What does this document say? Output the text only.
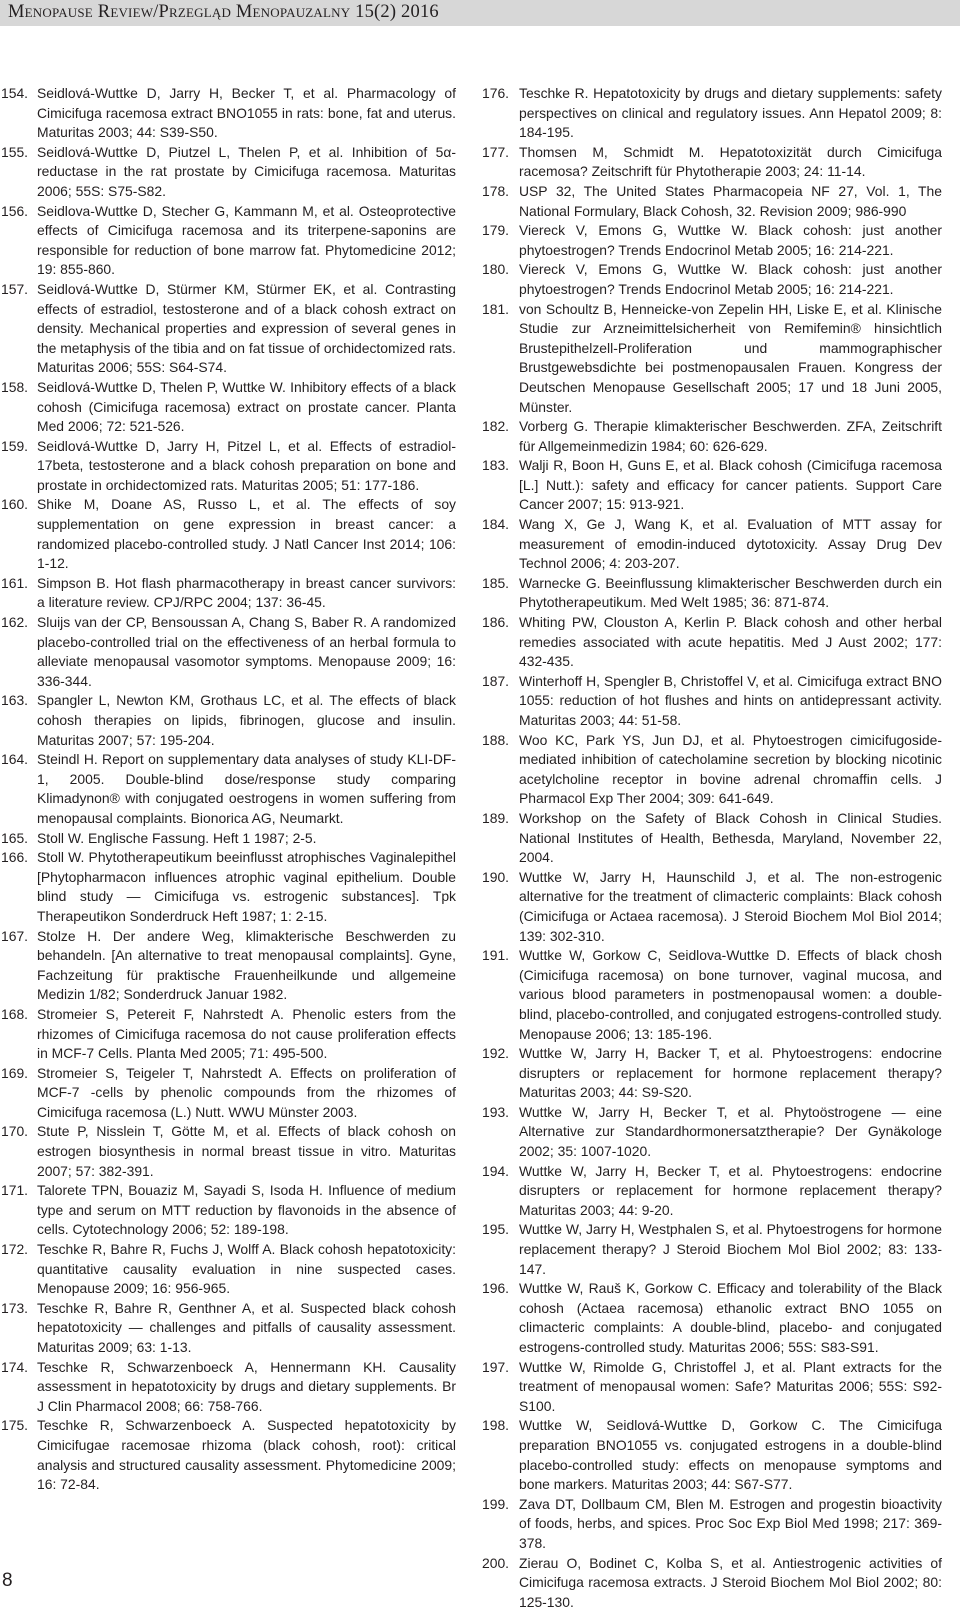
Menopause Review/Przegląd Menopauzalny 15(2) 2016
154. Seidlová-Wuttke D, Jarry H, Becker T, et al. Pharmacology of Cimicifuga racemosa extract BNO1055 in rats: bone, fat and uterus. Maturitas 2003; 44: S39-S50.
155. Seidlová-Wuttke D, Piutzel L, Thelen P, et al. Inhibition of 5α-reductase in the rat prostate by Cimicifuga racemosa. Maturitas 2006; 55S: S75-S82.
156. Seidlova-Wuttke D, Stecher G, Kammann M, et al. Osteoprotective effects of Cimicifuga racemosa and its triterpene-saponins are responsible for reduction of bone marrow fat. Phytomedicine 2012; 19: 855-860.
157. Seidlová-Wuttke D, Stürmer KM, Stürmer EK, et al. Contrasting effects of estradiol, testosterone and of a black cohosh extract on density. Mechanical properties and expression of several genes in the metaphysis of the tibia and on fat tissue of orchidectomized rats. Maturitas 2006; 55S: S64-S74.
158. Seidlová-Wuttke D, Thelen P, Wuttke W. Inhibitory effects of a black cohosh (Cimicifuga racemosa) extract on prostate cancer. Planta Med 2006; 72: 521-526.
159. Seidlová-Wuttke D, Jarry H, Pitzel L, et al. Effects of estradiol-17beta, testosterone and a black cohosh preparation on bone and prostate in orchidectomized rats. Maturitas 2005; 51: 177-186.
160. Shike M, Doane AS, Russo L, et al. The effects of soy supplementation on gene expression in breast cancer: a randomized placebo-controlled study. J Natl Cancer Inst 2014; 106: 1-12.
161. Simpson B. Hot flash pharmacotherapy in breast cancer survivors: a literature review. CPJ/RPC 2004; 137: 36-45.
162. Sluijs van der CP, Bensoussan A, Chang S, Baber R. A randomized placebo-controlled trial on the effectiveness of an herbal formula to alleviate menopausal vasomotor symptoms. Menopause 2009; 16: 336-344.
163. Spangler L, Newton KM, Grothaus LC, et al. The effects of black cohosh therapies on lipids, fibrinogen, glucose and insulin. Maturitas 2007; 57: 195-204.
164. Steindl H. Report on supplementary data analyses of study KLI-DF-1, 2005. Double-blind dose/response study comparing Klimadynon® with conjugated oestrogens in women suffering from menopausal complaints. Bionorica AG, Neumarkt.
165. Stoll W. Englische Fassung. Heft 1 1987; 2-5.
166. Stoll W. Phytotherapeutikum beeinflusst atrophisches Vaginalepithel [Phytopharmacon influences atrophic vaginal epithelium. Double blind study — Cimicifuga vs. estrogenic substances]. Tpk Therapeutikon Sonderdruck Heft 1987; 1: 2-15.
167. Stolze H. Der andere Weg, klimakterische Beschwerden zu behandeln. [An alternative to treat menopausal complaints]. Gyne, Fachzeitung für praktische Frauenheilkunde und allgemeine Medizin 1/82; Sonderdruck Januar 1982.
168. Stromeier S, Petereit F, Nahrstedt A. Phenolic esters from the rhizomes of Cimicifuga racemosa do not cause proliferation effects in MCF-7 Cells. Planta Med 2005; 71: 495-500.
169. Stromeier S, Teigeler T, Nahrstedt A. Effects on proliferation of MCF-7 -cells by phenolic compounds from the rhizomes of Cimicifuga racemosa (L.) Nutt. WWU Münster 2003.
170. Stute P, Nisslein T, Götte M, et al. Effects of black cohosh on estrogen biosynthesis in normal breast tissue in vitro. Maturitas 2007; 57: 382-391.
171. Talorete TPN, Bouaziz M, Sayadi S, Isoda H. Influence of medium type and serum on MTT reduction by flavonoids in the absence of cells. Cytotechnology 2006; 52: 189-198.
172. Teschke R, Bahre R, Fuchs J, Wolff A. Black cohosh hepatotoxicity: quantitative causality evaluation in nine suspected cases. Menopause 2009; 16: 956-965.
173. Teschke R, Bahre R, Genthner A, et al. Suspected black cohosh hepatotoxicity — challenges and pitfalls of causality assessment. Maturitas 2009; 63: 1-13.
174. Teschke R, Schwarzenboeck A, Hennermann KH. Causality assessment in hepatotoxicity by drugs and dietary supplements. Br J Clin Pharmacol 2008; 66: 758-766.
175. Teschke R, Schwarzenboeck A. Suspected hepatotoxicity by Cimicifugae racemosae rhizoma (black cohosh, root): critical analysis and structured causality assessment. Phytomedicine 2009; 16: 72-84.
176. Teschke R. Hepatotoxicity by drugs and dietary supplements: safety perspectives on clinical and regulatory issues. Ann Hepatol 2009; 8: 184-195.
177. Thomsen M, Schmidt M. Hepatotoxizität durch Cimicifuga racemosa? Zeitschrift für Phytotherapie 2003; 24: 11-14.
178. USP 32, The United States Pharmacopeia NF 27, Vol. 1, The National Formulary, Black Cohosh, 32. Revision 2009; 986-990
179. Viereck V, Emons G, Wuttke W. Black cohosh: just another phytoestrogen? Trends Endocrinol Metab 2005; 16: 214-221.
180. Viereck V, Emons G, Wuttke W. Black cohosh: just another phytoestrogen? Trends Endocrinol Metab 2005; 16: 214-221.
181. von Schoultz B, Henneicke-von Zepelin HH, Liske E, et al. Klinische Studie zur Arzneimittelsicherheit von Remifemin® hinsichtlich Brustepithelzell-Proliferation und mammographischer Brustgewebsdichte bei postmenopausalen Frauen. Kongress der Deutschen Menopause Gesellschaft 2005; 17 und 18 Juni 2005, Münster.
182. Vorberg G. Therapie klimakterischer Beschwerden. ZFA, Zeitschrift für Allgemeinmedizin 1984; 60: 626-629.
183. Walji R, Boon H, Guns E, et al. Black cohosh (Cimicifuga racemosa [L.] Nutt.): safety and efficacy for cancer patients. Support Care Cancer 2007; 15: 913-921.
184. Wang X, Ge J, Wang K, et al. Evaluation of MTT assay for measurement of emodin-induced dytotoxicity. Assay Drug Dev Technol 2006; 4: 203-207.
185. Warnecke G. Beeinflussung klimakterischer Beschwerden durch ein Phytotherapeutikum. Med Welt 1985; 36: 871-874.
186. Whiting PW, Clouston A, Kerlin P. Black cohosh and other herbal remedies associated with acute hepatitis. Med J Aust 2002; 177: 432-435.
187. Winterhoff H, Spengler B, Christoffel V, et al. Cimicifuga extract BNO 1055: reduction of hot flushes and hints on antidepressant activity. Maturitas 2003; 44: 51-58.
188. Woo KC, Park YS, Jun DJ, et al. Phytoestrogen cimicifugoside-mediated inhibition of catecholamine secretion by blocking nicotinic acetylcholine receptor in bovine adrenal chromaffin cells. J Pharmacol Exp Ther 2004; 309: 641-649.
189. Workshop on the Safety of Black Cohosh in Clinical Studies. National Institutes of Health, Bethesda, Maryland, November 22, 2004.
190. Wuttke W, Jarry H, Haunschild J, et al. The non-estrogenic alternative for the treatment of climacteric complaints: Black cohosh (Cimicifuga or Actaea racemosa). J Steroid Biochem Mol Biol 2014; 139: 302-310.
191. Wuttke W, Gorkow C, Seidlova-Wuttke D. Effects of black chosh (Cimicifuga racemosa) on bone turnover, vaginal mucosa, and various blood parameters in postmenopausal women: a double-blind, placebo-controlled, and conjugated estrogens-controlled study. Menopause 2006; 13: 185-196.
192. Wuttke W, Jarry H, Backer T, et al. Phytoestrogens: endocrine disrupters or replacement for hormone replacement therapy? Maturitas 2003; 44: S9-S20.
193. Wuttke W, Jarry H, Becker T, et al. Phytoöstrogene — eine Alternative zur Standardhormonersatztherapie? Der Gynäkologe 2002; 35: 1007-1020.
194. Wuttke W, Jarry H, Becker T, et al. Phytoestrogens: endocrine disrupters or replacement for hormone replacement therapy? Maturitas 2003; 44: 9-20.
195. Wuttke W, Jarry H, Westphalen S, et al. Phytoestrogens for hormone replacement therapy? J Steroid Biochem Mol Biol 2002; 83: 133-147.
196. Wuttke W, Rauš K, Gorkow C. Efficacy and tolerability of the Black cohosh (Actaea racemosa) ethanolic extract BNO 1055 on climacteric complaints: A double-blind, placebo- and conjugated estrogens-controlled study. Maturitas 2006; 55S: S83-S91.
197. Wuttke W, Rimolde G, Christoffel J, et al. Plant extracts for the treatment of menopausal women: Safe? Maturitas 2006; 55S: S92-S100.
198. Wuttke W, Seidlová-Wuttke D, Gorkow C. The Cimicifuga preparation BNO1055 vs. conjugated estrogens in a double-blind placebo-controlled study: effects on menopause symptoms and bone markers. Maturitas 2003; 44: S67-S77.
199. Zava DT, Dollbaum CM, Blen M. Estrogen and progestin bioactivity of foods, herbs, and spices. Proc Soc Exp Biol Med 1998; 217: 369-378.
200. Zierau O, Bodinet C, Kolba S, et al. Antiestrogenic activities of Cimicifuga racemosa extracts. J Steroid Biochem Mol Biol 2002; 80: 125-130.
8
